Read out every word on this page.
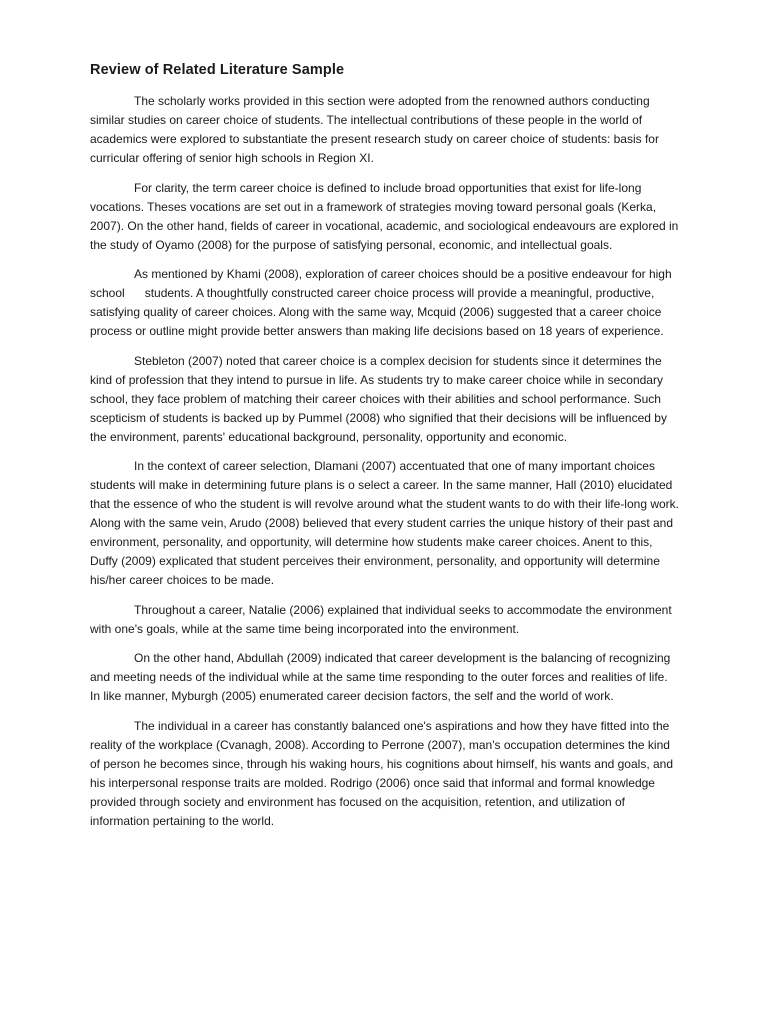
Review of Related Literature Sample

The scholarly works provided in this section were adopted from the renowned authors conducting similar studies on career choice of students. The intellectual contributions of these people in the world of academics were explored to substantiate the present research study on career choice of students: basis for curricular offering of senior high schools in Region XI.

For clarity, the term career choice is defined to include broad opportunities that exist for life-long vocations. Theses vocations are set out in a framework of strategies moving toward personal goals (Kerka, 2007). On the other hand, fields of career in vocational, academic, and sociological endeavours are explored in the study of Oyamo (2008) for the purpose of satisfying personal, economic, and intellectual goals.

As mentioned by Khami (2008), exploration of career choices should be a positive endeavour for high school      students. A thoughtfully constructed career choice process will provide a meaningful, productive, satisfying quality of career choices. Along with the same way, Mcquid (2006) suggested that a career choice process or outline might provide better answers than making life decisions based on 18 years of experience.

Stebleton (2007) noted that career choice is a complex decision for students since it determines the kind of profession that they intend to pursue in life. As students try to make career choice while in secondary school, they face problem of matching their career choices with their abilities and school performance. Such scepticism of students is backed up by Pummel (2008) who signified that their decisions will be influenced by the environment, parents' educational background, personality, opportunity and economic.

In the context of career selection, Dlamani (2007) accentuated that one of many important choices students will make in determining future plans is o select a career. In the same manner, Hall (2010) elucidated that the essence of who the student is will revolve around what the student wants to do with their life-long work. Along with the same vein, Arudo (2008) believed that every student carries the unique history of their past and environment, personality, and opportunity, will determine how students make career choices. Anent to this, Duffy (2009) explicated that student perceives their environment, personality, and opportunity will determine his/her career choices to be made.

Throughout a career, Natalie (2006) explained that individual seeks to accommodate the environment with one's goals, while at the same time being incorporated into the environment.

On the other hand, Abdullah (2009) indicated that career development is the balancing of recognizing and meeting needs of the individual while at the same time responding to the outer forces and realities of life. In like manner, Myburgh (2005) enumerated career decision factors, the self and the world of work.

The individual in a career has constantly balanced one's aspirations and how they have fitted into the reality of the workplace (Cvanagh, 2008). According to Perrone (2007), man's occupation determines the kind of person he becomes since, through his waking hours, his cognitions about himself, his wants and goals, and his interpersonal response traits are molded. Rodrigo (2006) once said that informal and formal knowledge provided through society and environment has focused on the acquisition, retention, and utilization of information pertaining to the world.
